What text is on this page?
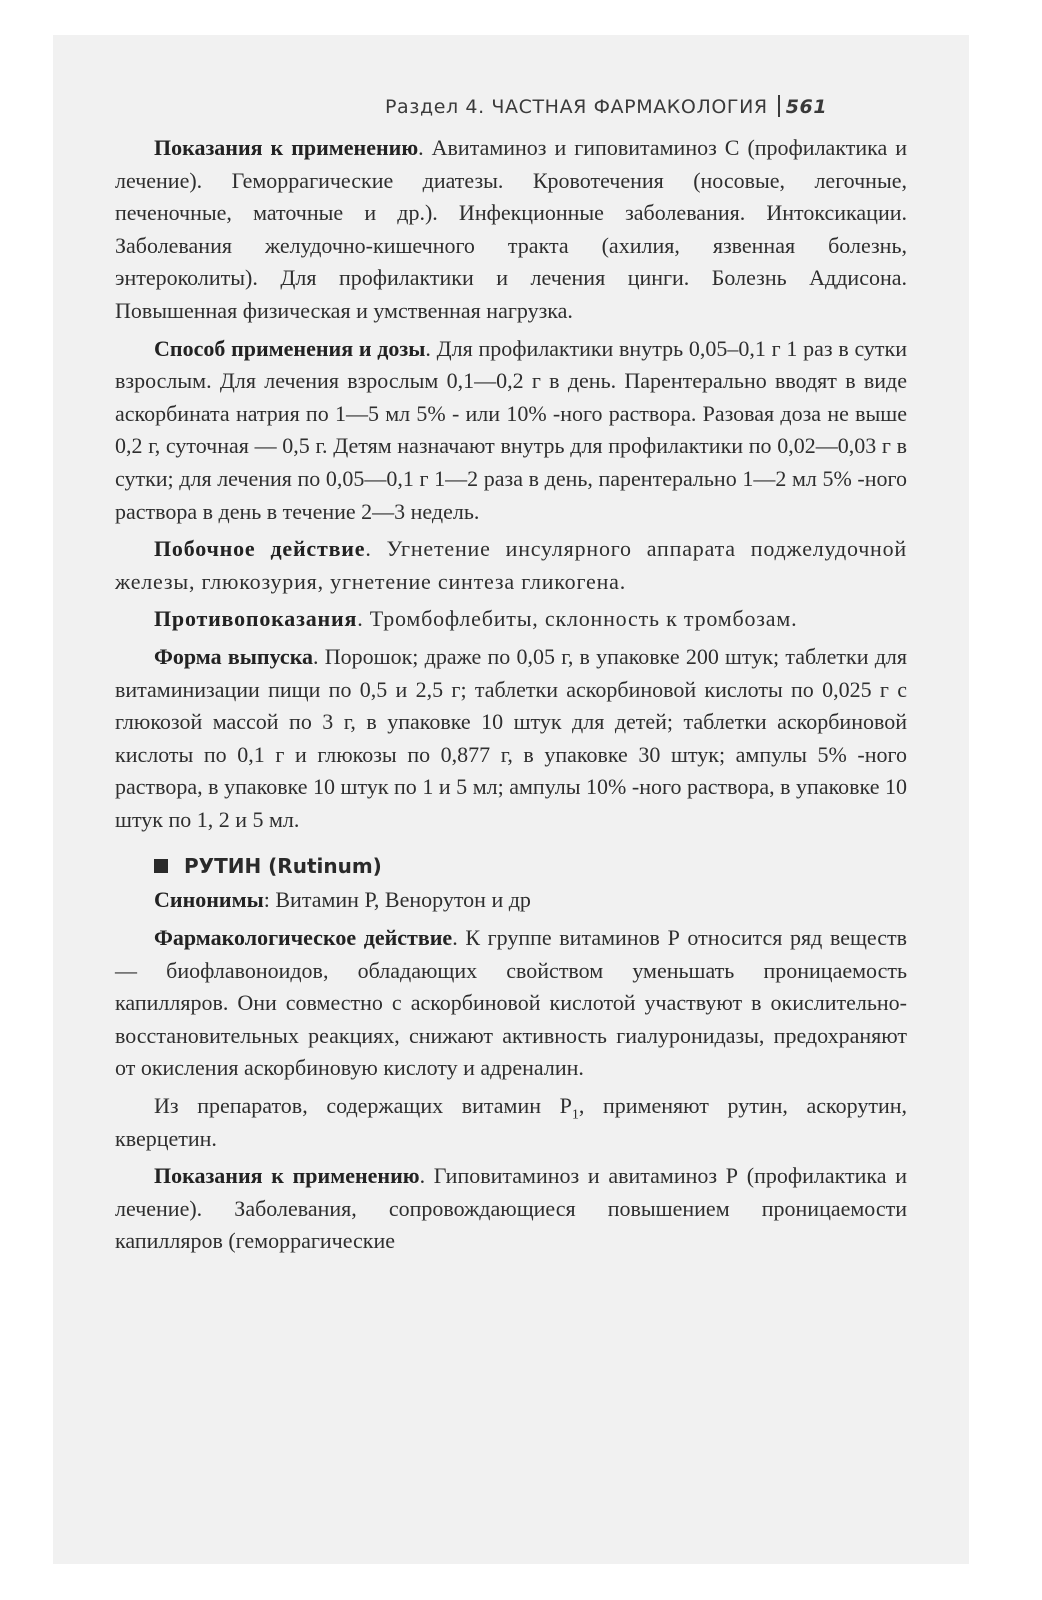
Раздел 4. ЧАСТНАЯ ФАРМАКОЛОГИЯ 561

Показания к применению. Авитаминоз и гиповитаминоз С (профилактика и лечение). Геморрагические диатезы. Кровотечения (носовые, легочные, печеночные, маточные и др.). Инфекционные заболевания. Интоксикации. Заболевания желудочно-кишечного тракта (ахилия, язвенная болезнь, энтероколиты). Для профилактики и лечения цинги. Болезнь Аддисона. Повышенная физическая и умственная нагрузка.

Способ применения и дозы. Для профилактики внутрь 0,05–0,1 г 1 раз в сутки взрослым. Для лечения взрослым 0,1—0,2 г в день. Парентерально вводят в виде аскорбината натрия по 1—5 мл 5% - или 10% -ного раствора. Разовая доза не выше 0,2 г, суточная — 0,5 г. Детям назначают внутрь для профилактики по 0,02—0,03 г в сутки; для лечения по 0,05—0,1 г 1—2 раза в день, парентерально 1—2 мл 5% -ного раствора в день в течение 2—3 недель.

Побочное действие. Угнетение инсулярного аппарата поджелудочной железы, глюкозурия, угнетение синтеза гликогена.

Противопоказания. Тромбофлебиты, склонность к тромбозам.

Форма выпуска. Порошок; драже по 0,05 г, в упаковке 200 штук; таблетки для витаминизации пищи по 0,5 и 2,5 г; таблетки аскорбиновой кислоты по 0,025 г с глюкозой массой по 3 г, в упаковке 10 штук для детей; таблетки аскорбиновой кислоты по 0,1 г и глюкозы по 0,877 г, в упаковке 30 штук; ампулы 5% -ного раствора, в упаковке 10 штук по 1 и 5 мл; ампулы 10% -ного раствора, в упаковке 10 штук по 1, 2 и 5 мл.

РУТИН (Rutinum)

Синонимы: Витамин Р, Венорутон и др

Фармакологическое действие. К группе витаминов Р относится ряд веществ — биофлавоноидов, обладающих свойством уменьшать проницаемость капилляров. Они совместно с аскорбиновой кислотой участвуют в окислительно-восстановительных реакциях, снижают активность гиалуронидазы, предохраняют от окисления аскорбиновую кислоту и адреналин.

Из препаратов, содержащих витамин $Р_1$, применяют рутин, аскорутин, кверцетин.

Показания к применению. Гиповитаминоз и авитаминоз Р (профилактика и лечение). Заболевания, сопровождающиеся повышением проницаемости капилляров (геморрагические
